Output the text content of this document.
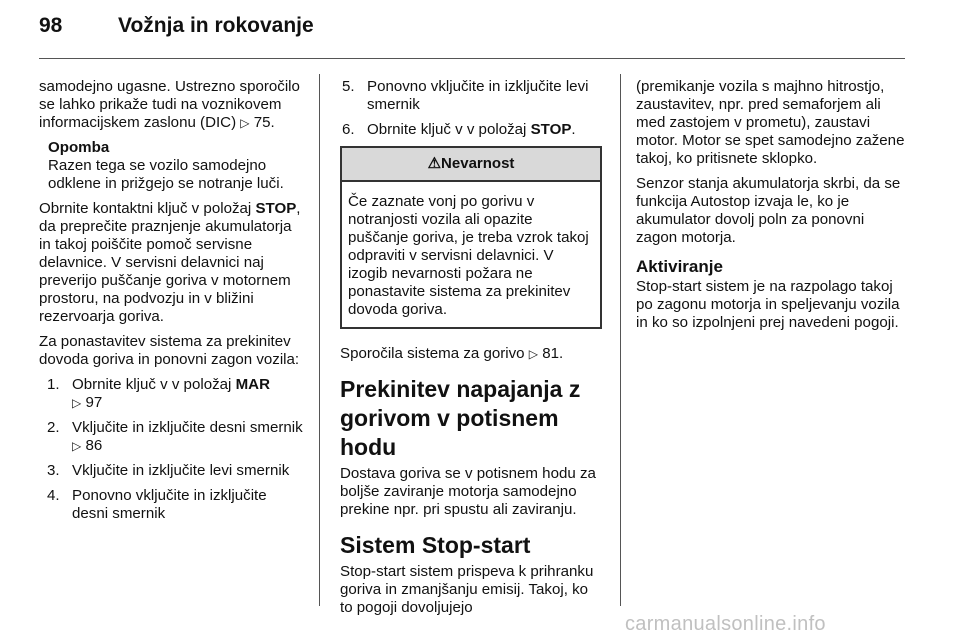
98	Vožnja in rokovanje

samodejno ugasne. Ustrezno sporočilo se lahko prikaže tudi na voznikovem informacijskem zaslonu (DIC) ▷ 75.

Opomba
Razen tega se vozilo samodejno odklene in prižgejo se notranje luči.

Obrnite kontaktni ključ v položaj STOP, da preprečite praznjenje akumulatorja in takoj poiščite pomoč servisne delavnice. V servisni delavnici naj preverijo puščanje goriva v motornem prostoru, na podvozju in v bližini rezervoarja goriva.

Za ponastavitev sistema za prekinitev dovoda goriva in ponovni zagon vozila:

1. Obrnite ključ v v položaj MAR
▷ 97
2. Vključite in izključite desni smernik ▷ 86
3. Vključite in izključite levi smernik
4. Ponovno vključite in izključite desni smernik
5. Ponovno vključite in izključite levi smernik
6. Obrnite ključ v v položaj STOP.
⚠Nevarnost
Če zaznate vonj po gorivu v notranjosti vozila ali opazite puščanje goriva, je treba vzrok takoj odpraviti v servisni delavnici. V izogib nevarnosti požara ne ponastavite sistema za prekinitev dovoda goriva.

Sporočila sistema za gorivo ▷ 81.

Prekinitev napajanja z gorivom v potisnem hodu

Dostava goriva se v potisnem hodu za boljše zaviranje motorja samodejno prekine npr. pri spustu ali zaviranju.

Sistem Stop-start

Stop-start sistem prispeva k prihranku goriva in zmanjšanju emisij. Takoj, ko to pogoji dovoljujejo

(premikanje vozila s majhno hitrostjo, zaustavitev, npr. pred semaforjem ali med zastojem v prometu), zaustavi motor. Motor se spet samodejno zažene takoj, ko pritisnete sklopko.

Senzor stanja akumulatorja skrbi, da se funkcija Autostop izvaja le, ko je akumulator dovolj poln za ponovni zagon motorja.

Aktiviranje

Stop-start sistem je na razpolago takoj po zagonu motorja in speljevanju vozila in ko so izpolnjeni prej navedeni pogoji.

carmanualsonline.info
